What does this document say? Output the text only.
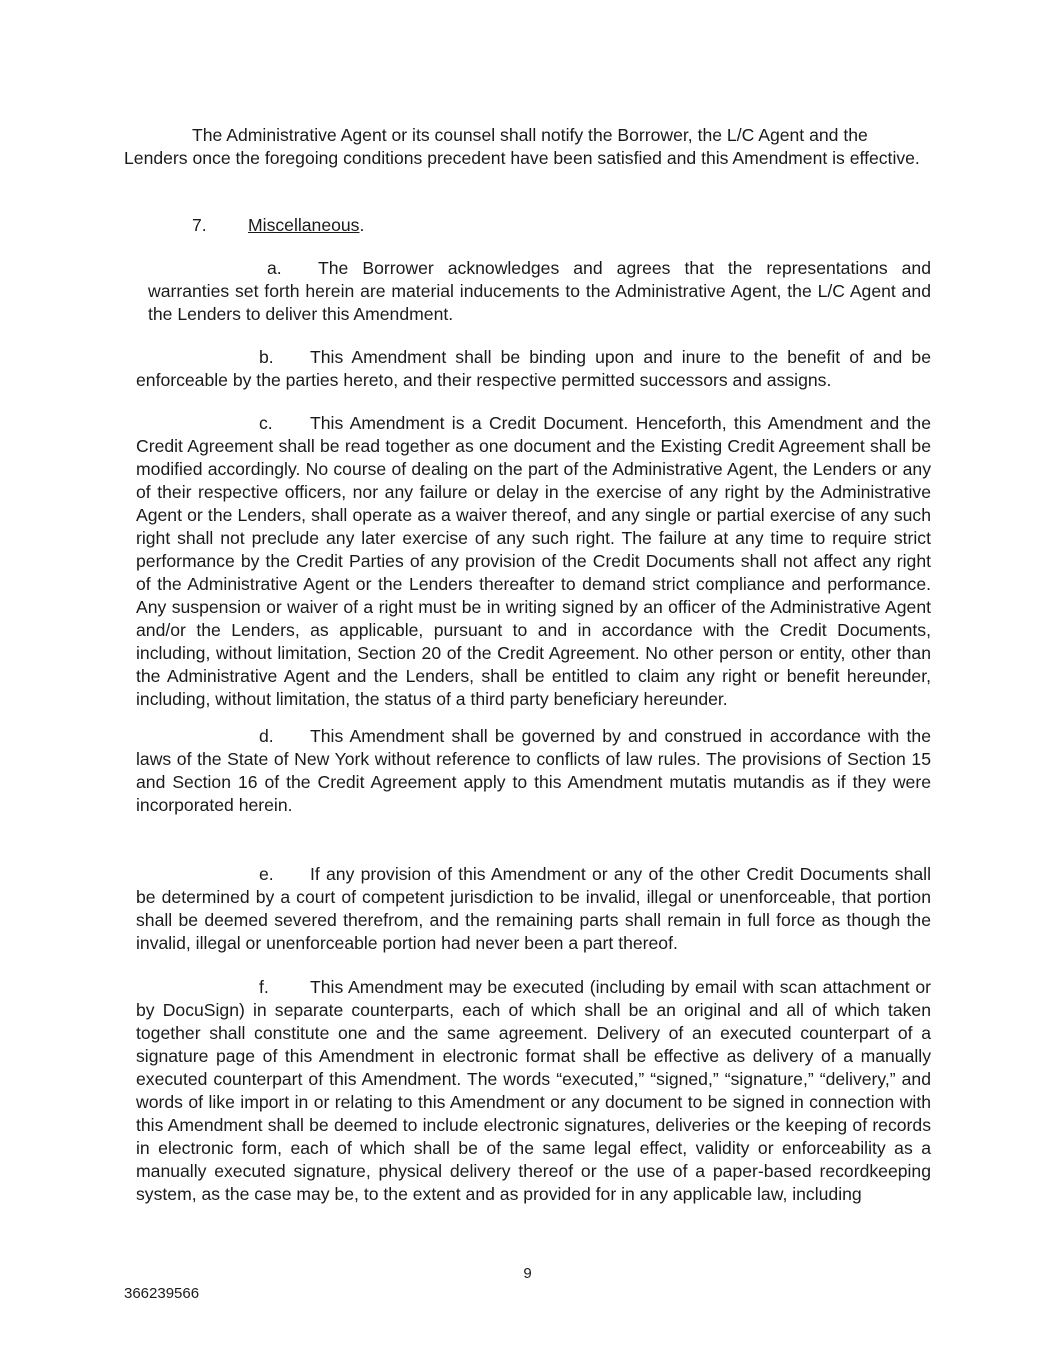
The Administrative Agent or its counsel shall notify the Borrower, the L/C Agent and the Lenders once the foregoing conditions precedent have been satisfied and this Amendment is effective.

7. Miscellaneous.

a. The Borrower acknowledges and agrees that the representations and warranties set forth herein are material inducements to the Administrative Agent, the L/C Agent and the Lenders to deliver this Amendment.

b. This Amendment shall be binding upon and inure to the benefit of and be enforceable by the parties hereto, and their respective permitted successors and assigns.

c. This Amendment is a Credit Document. Henceforth, this Amendment and the Credit Agreement shall be read together as one document and the Existing Credit Agreement shall be modified accordingly. No course of dealing on the part of the Administrative Agent, the Lenders or any of their respective officers, nor any failure or delay in the exercise of any right by the Administrative Agent or the Lenders, shall operate as a waiver thereof, and any single or partial exercise of any such right shall not preclude any later exercise of any such right. The failure at any time to require strict performance by the Credit Parties of any provision of the Credit Documents shall not affect any right of the Administrative Agent or the Lenders thereafter to demand strict compliance and performance. Any suspension or waiver of a right must be in writing signed by an officer of the Administrative Agent and/or the Lenders, as applicable, pursuant to and in accordance with the Credit Documents, including, without limitation, Section 20 of the Credit Agreement. No other person or entity, other than the Administrative Agent and the Lenders, shall be entitled to claim any right or benefit hereunder, including, without limitation, the status of a third party beneficiary hereunder.

d. This Amendment shall be governed by and construed in accordance with the laws of the State of New York without reference to conflicts of law rules. The provisions of Section 15 and Section 16 of the Credit Agreement apply to this Amendment mutatis mutandis as if they were incorporated herein.

e. If any provision of this Amendment or any of the other Credit Documents shall be determined by a court of competent jurisdiction to be invalid, illegal or unenforceable, that portion shall be deemed severed therefrom, and the remaining parts shall remain in full force as though the invalid, illegal or unenforceable portion had never been a part thereof.

f. This Amendment may be executed (including by email with scan attachment or by DocuSign) in separate counterparts, each of which shall be an original and all of which taken together shall constitute one and the same agreement. Delivery of an executed counterpart of a signature page of this Amendment in electronic format shall be effective as delivery of a manually executed counterpart of this Amendment. The words “executed,” “signed,” “signature,” “delivery,” and words of like import in or relating to this Amendment or any document to be signed in connection with this Amendment shall be deemed to include electronic signatures, deliveries or the keeping of records in electronic form, each of which shall be of the same legal effect, validity or enforceability as a manually executed signature, physical delivery thereof or the use of a paper-based recordkeeping system, as the case may be, to the extent and as provided for in any applicable law, including

9
366239566
